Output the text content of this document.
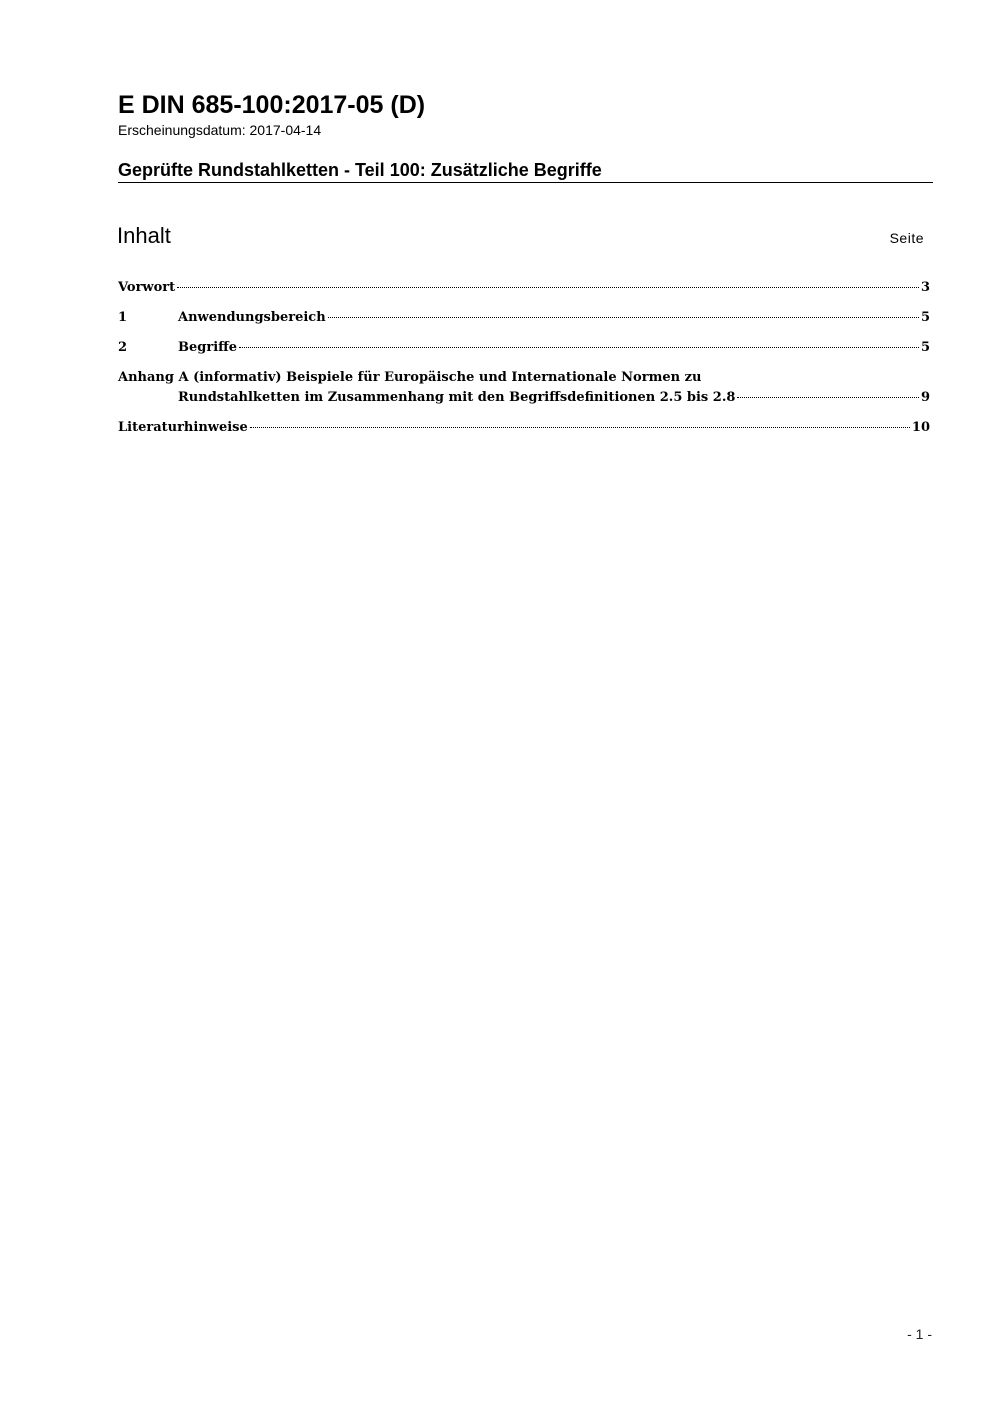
E DIN 685-100:2017-05 (D)
Erscheinungsdatum: 2017-04-14
Geprüfte Rundstahlketten - Teil 100: Zusätzliche Begriffe
Inhalt	Seite
Vorwort	3
1	Anwendungsbereich	5
2	Begriffe	5
Anhang A (informativ) Beispiele für Europäische und Internationale Normen zu
Rundstahlketten im Zusammenhang mit den Begriffsdefinitionen 2.5 bis 2.8	9
Literaturhinweise	10
- 1 -
